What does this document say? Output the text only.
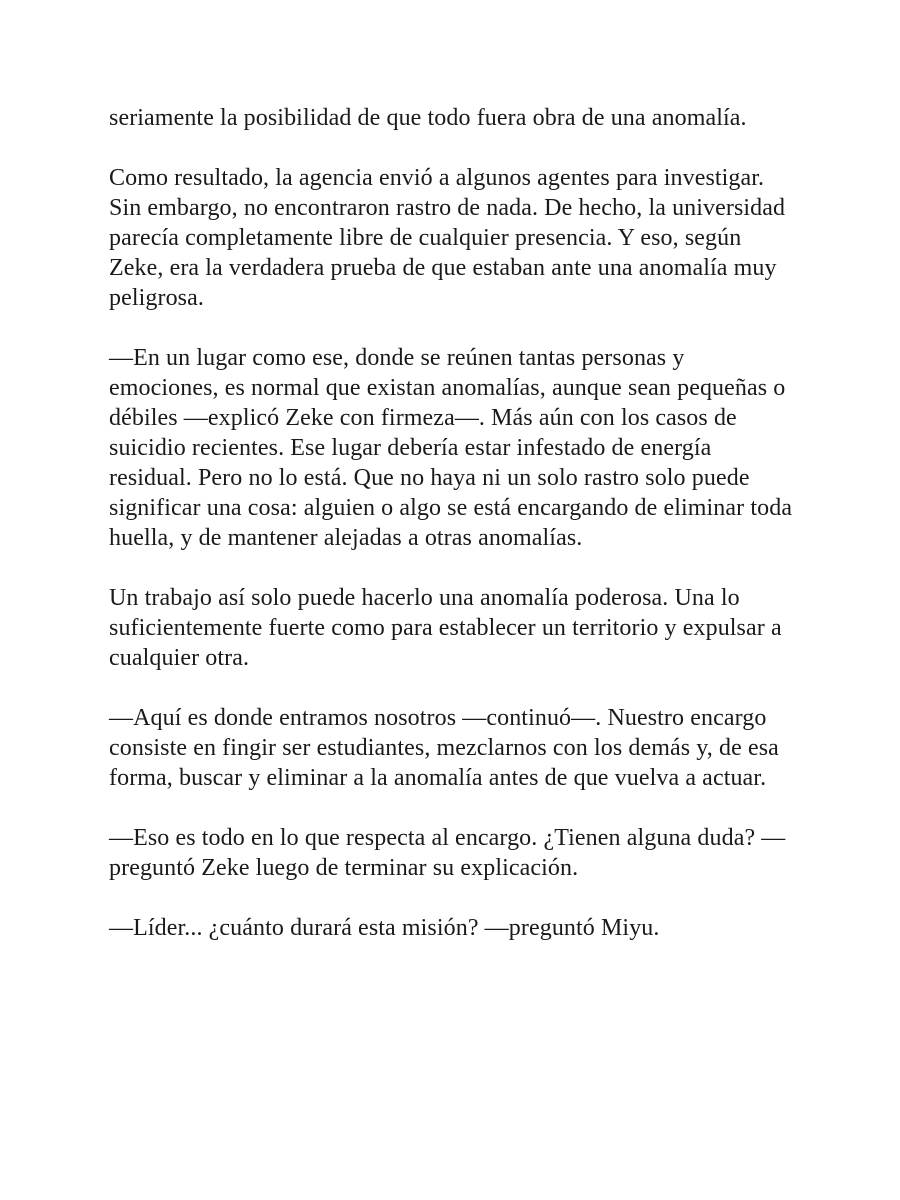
seriamente la posibilidad de que todo fuera obra de una anomalía.

Como resultado, la agencia envió a algunos agentes para investigar. Sin embargo, no encontraron rastro de nada. De hecho, la universidad parecía completamente libre de cualquier presencia. Y eso, según Zeke, era la verdadera prueba de que estaban ante una anomalía muy peligrosa.

—En un lugar como ese, donde se reúnen tantas personas y emociones, es normal que existan anomalías, aunque sean pequeñas o débiles —explicó Zeke con firmeza—. Más aún con los casos de suicidio recientes. Ese lugar debería estar infestado de energía residual. Pero no lo está. Que no haya ni un solo rastro solo puede significar una cosa: alguien o algo se está encargando de eliminar toda huella, y de mantener alejadas a otras anomalías.

Un trabajo así solo puede hacerlo una anomalía poderosa. Una lo suficientemente fuerte como para establecer un territorio y expulsar a cualquier otra.

—Aquí es donde entramos nosotros —continuó—. Nuestro encargo consiste en fingir ser estudiantes, mezclarnos con los demás y, de esa forma, buscar y eliminar a la anomalía antes de que vuelva a actuar.

—Eso es todo en lo que respecta al encargo. ¿Tienen alguna duda? —preguntó Zeke luego de terminar su explicación.

—Líder... ¿cuánto durará esta misión? —preguntó Miyu.
